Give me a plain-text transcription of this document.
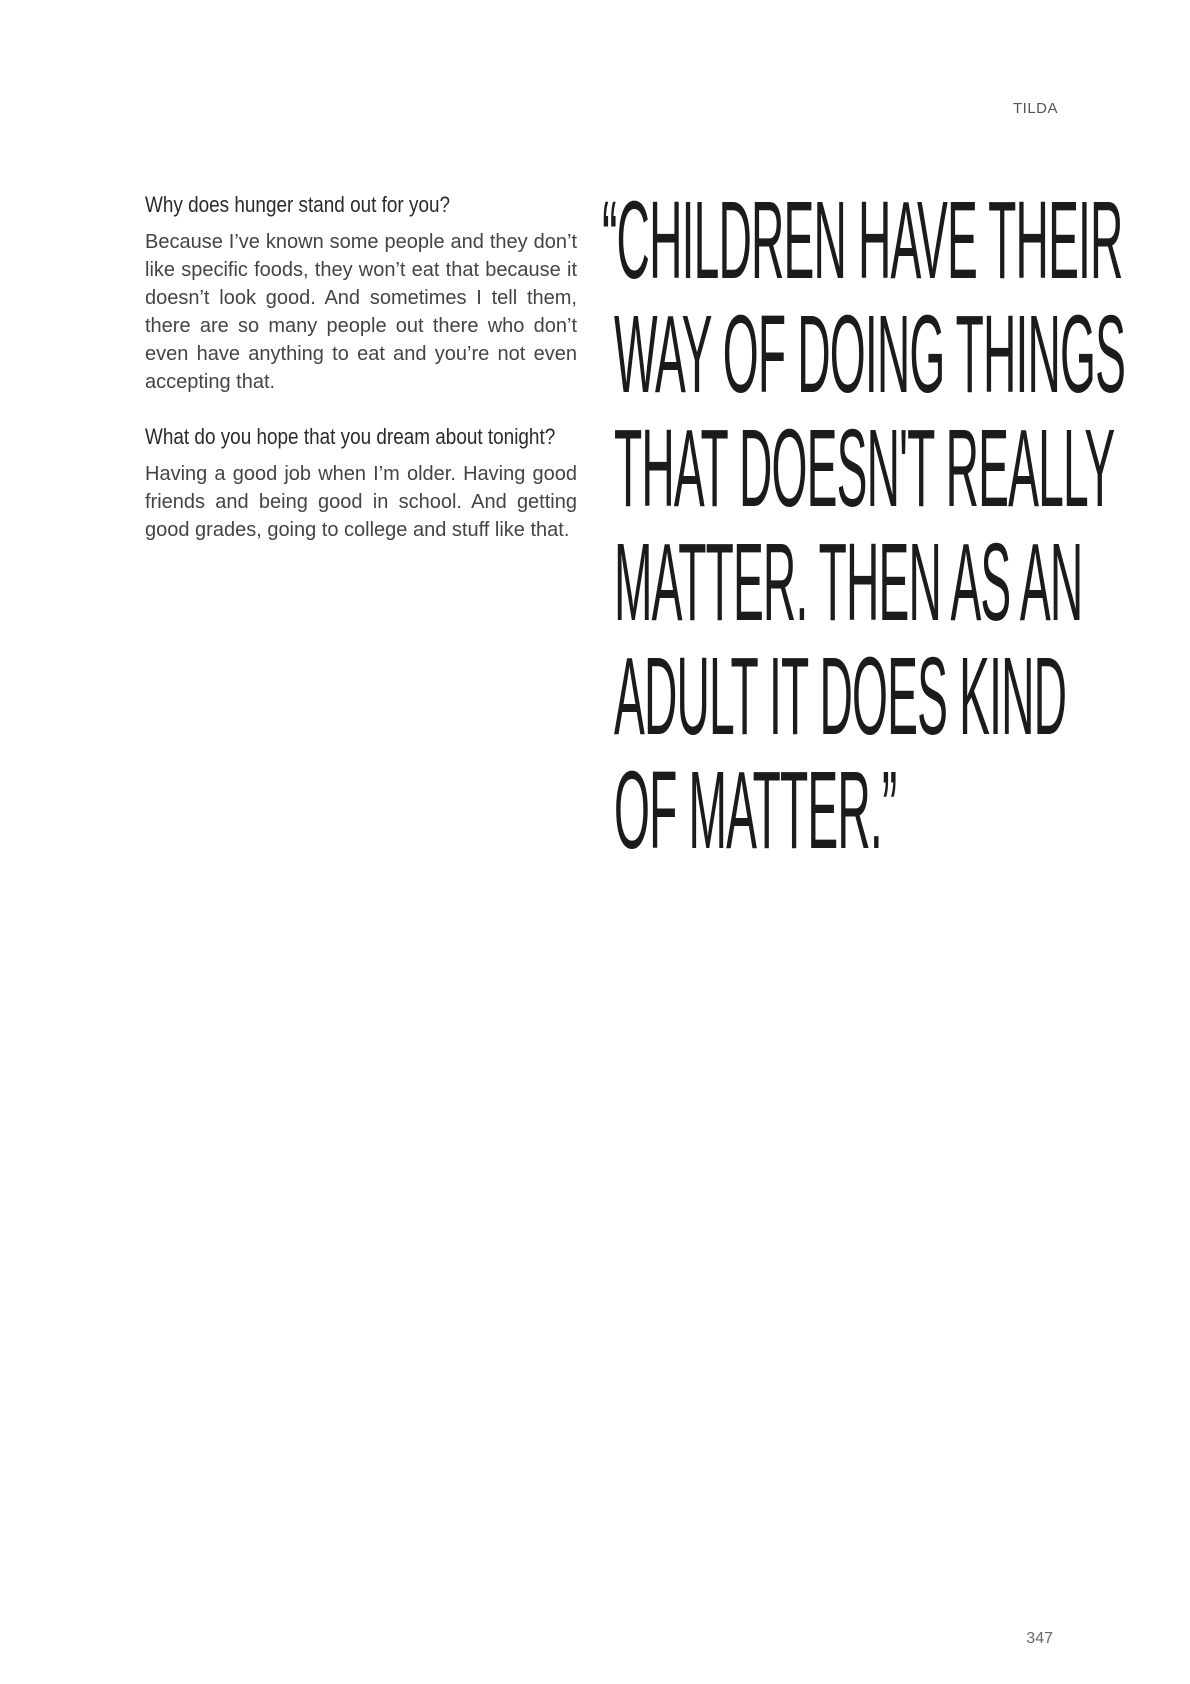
TILDA

Why does hunger stand out for you?

Because I’ve known some people and they don’t like specific foods, they won’t eat that because it doesn’t look good. And sometimes I tell them, there are so many people out there who don’t even have anything to eat and you’re not even accepting that.

What do you hope that you dream about tonight?

Having a good job when I’m older. Having good friends and being good in school. And getting good grades, going to college and stuff like that.

“CHILDREN HAVE THEIR
WAY OF DOING THINGS
THAT DOESN'T REALLY
MATTER. THEN AS AN
ADULT IT DOES KIND
OF MATTER.”
347
